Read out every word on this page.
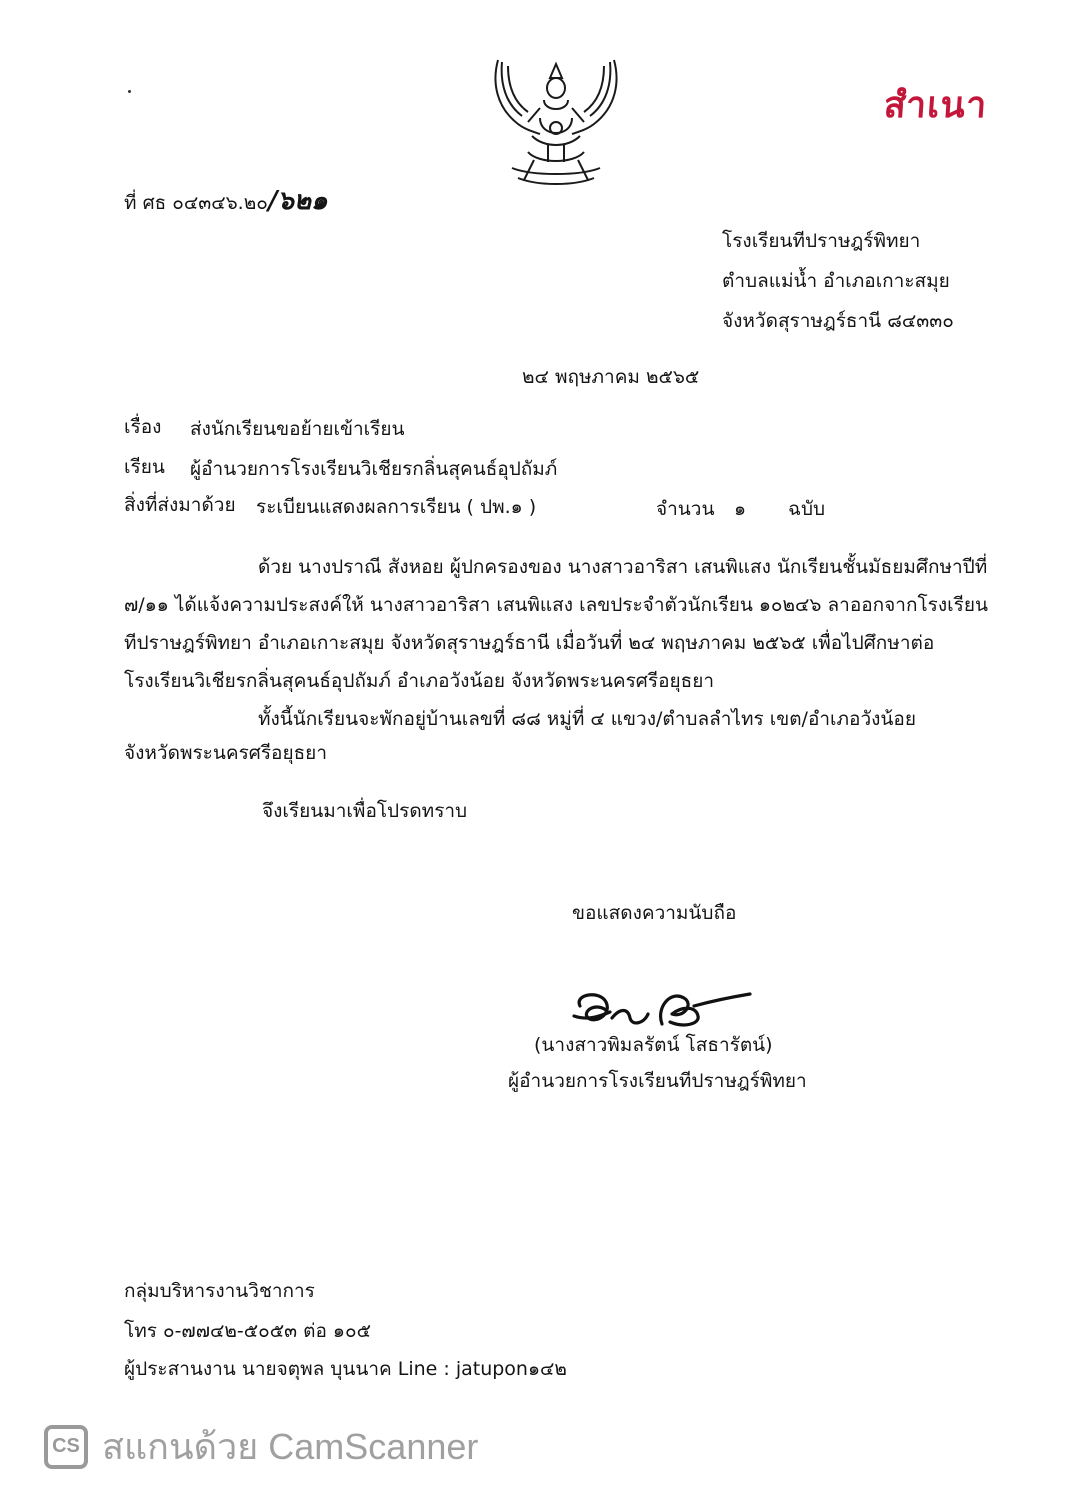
สำเนา
ที่ ศธ ๐๔๓๔๖.๒๐/๖๒๑
โรงเรียนทีปราษฎร์พิทยา
ตำบลแม่น้ำ อำเภอเกาะสมุย
จังหวัดสุราษฎร์ธานี ๘๔๓๓๐
๒๔ พฤษภาคม ๒๕๖๕
เรื่อง ส่งนักเรียนขอย้ายเข้าเรียน
เรียน ผู้อำนวยการโรงเรียนวิเชียรกลิ่นสุคนธ์อุปถัมภ์
สิ่งที่ส่งมาด้วย ระเบียนแสดงผลการเรียน ( ปพ.๑ )	จำนวน ๑ ฉบับ
ด้วย นางปราณี สังหอย ผู้ปกครองของ นางสาวอาริสา เสนพิแสง นักเรียนชั้นมัธยมศึกษาปีที่
๗/๑๑ ได้แจ้งความประสงค์ให้ นางสาวอาริสา เสนพิแสง เลขประจำตัวนักเรียน ๑๐๒๔๖ ลาออกจากโรงเรียน
ทีปราษฎร์พิทยา อำเภอเกาะสมุย จังหวัดสุราษฎร์ธานี เมื่อวันที่ ๒๔ พฤษภาคม ๒๕๖๕ เพื่อไปศึกษาต่อ
โรงเรียนวิเชียรกลิ่นสุคนธ์อุปถัมภ์ อำเภอวังน้อย จังหวัดพระนครศรีอยุธยา
ทั้งนี้นักเรียนจะพักอยู่บ้านเลขที่ ๘๘ หมู่ที่ ๔ แขวง/ตำบลลำไทร เขต/อำเภอวังน้อย
จังหวัดพระนครศรีอยุธยา
จึงเรียนมาเพื่อโปรดทราบ
ขอแสดงความนับถือ
(นางสาวพิมลรัตน์ โสธารัตน์)
ผู้อำนวยการโรงเรียนทีปราษฎร์พิทยา
กลุ่มบริหารงานวิชาการ
โทร ๐-๗๗๔๒-๕๐๕๓ ต่อ ๑๐๕
ผู้ประสานงาน นายจตุพล บุนนาค Line : jatupon๑๔๒
CS สแกนด้วย CamScanner
